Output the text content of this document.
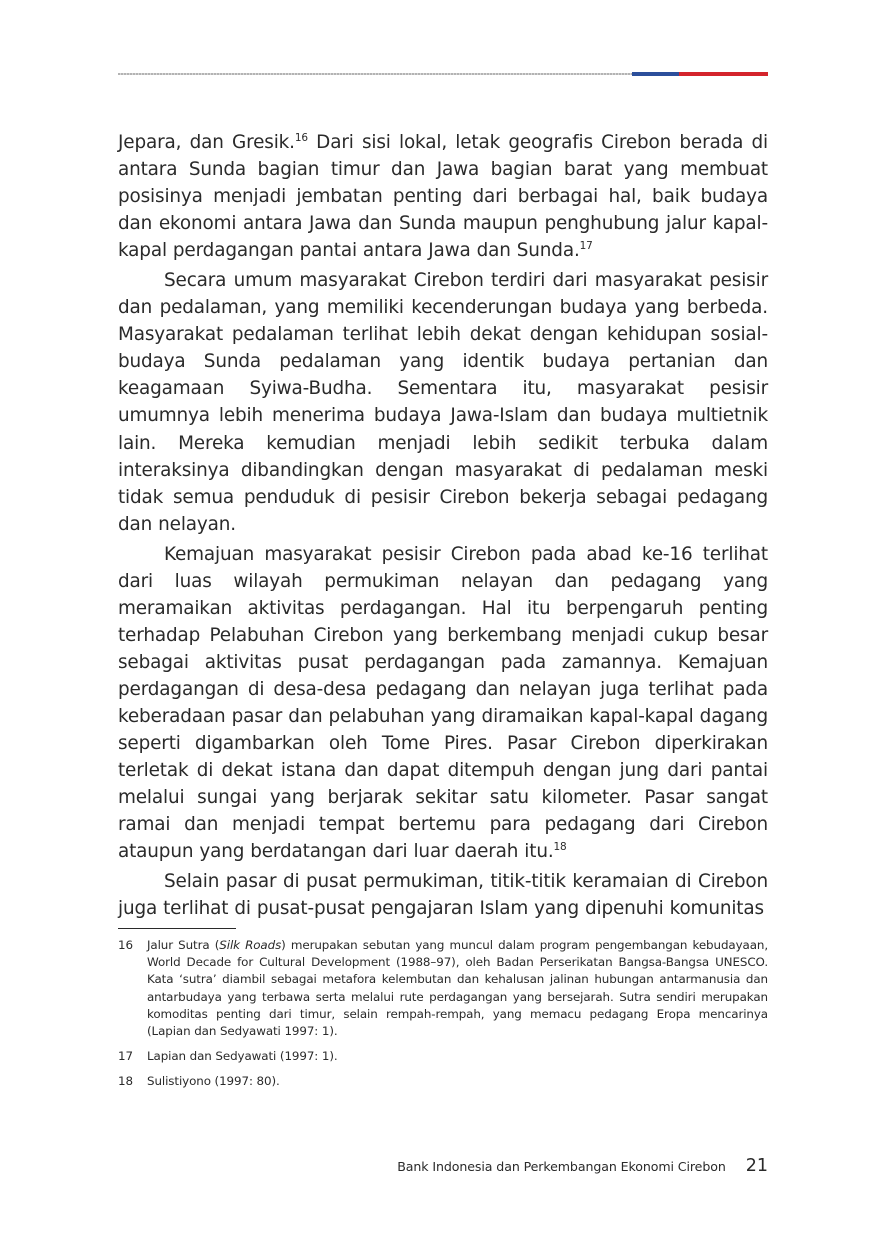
Jepara, dan Gresik.$^{16}$ Dari sisi lokal, letak geografis Cirebon berada di antara Sunda bagian timur dan Jawa bagian barat yang membuat posisinya menjadi jembatan penting dari berbagai hal, baik budaya dan ekonomi antara Jawa dan Sunda maupun penghubung jalur kapal-kapal perdagangan pantai antara Jawa dan Sunda.$^{17}$

Secara umum masyarakat Cirebon terdiri dari masyarakat pesisir dan pedalaman, yang memiliki kecenderungan budaya yang berbeda. Masyarakat pedalaman terlihat lebih dekat dengan kehidupan sosial-budaya Sunda pedalaman yang identik budaya pertanian dan keagamaan Syiwa-Budha. Sementara itu, masyarakat pesisir umumnya lebih menerima budaya Jawa-Islam dan budaya multietnik lain. Mereka kemudian menjadi lebih sedikit terbuka dalam interaksinya dibandingkan dengan masyarakat di pedalaman meski tidak semua penduduk di pesisir Cirebon bekerja sebagai pedagang dan nelayan.

Kemajuan masyarakat pesisir Cirebon pada abad ke-16 terlihat dari luas wilayah permukiman nelayan dan pedagang yang meramaikan aktivitas perdagangan. Hal itu berpengaruh penting terhadap Pelabuhan Cirebon yang berkembang menjadi cukup besar sebagai aktivitas pusat perdagangan pada zamannya. Kemajuan perdagangan di desa-desa pedagang dan nelayan juga terlihat pada keberadaan pasar dan pelabuhan yang diramaikan kapal-kapal dagang seperti digambarkan oleh Tome Pires. Pasar Cirebon diperkirakan terletak di dekat istana dan dapat ditempuh dengan jung dari pantai melalui sungai yang berjarak sekitar satu kilometer. Pasar sangat ramai dan menjadi tempat bertemu para pedagang dari Cirebon ataupun yang berdatangan dari luar daerah itu.$^{18}$

Selain pasar di pusat permukiman, titik-titik keramaian di Cirebon juga terlihat di pusat-pusat pengajaran Islam yang dipenuhi komunitas

16 Jalur Sutra (Silk Roads) merupakan sebutan yang muncul dalam program pengembangan kebudayaan, World Decade for Cultural Development (1988–97), oleh Badan Perserikatan Bangsa-Bangsa UNESCO. Kata ‘sutra’ diambil sebagai metafora kelembutan dan kehalusan jalinan hubungan antarmanusia dan antarbudaya yang terbawa serta melalui rute perdagangan yang bersejarah. Sutra sendiri merupakan komoditas penting dari timur, selain rempah-rempah, yang memacu pedagang Eropa mencarinya (Lapian dan Sedyawati 1997: 1).
17 Lapian dan Sedyawati (1997: 1).
18 Sulistiyono (1997: 80).
Bank Indonesia dan Perkembangan Ekonomi Cirebon 21
